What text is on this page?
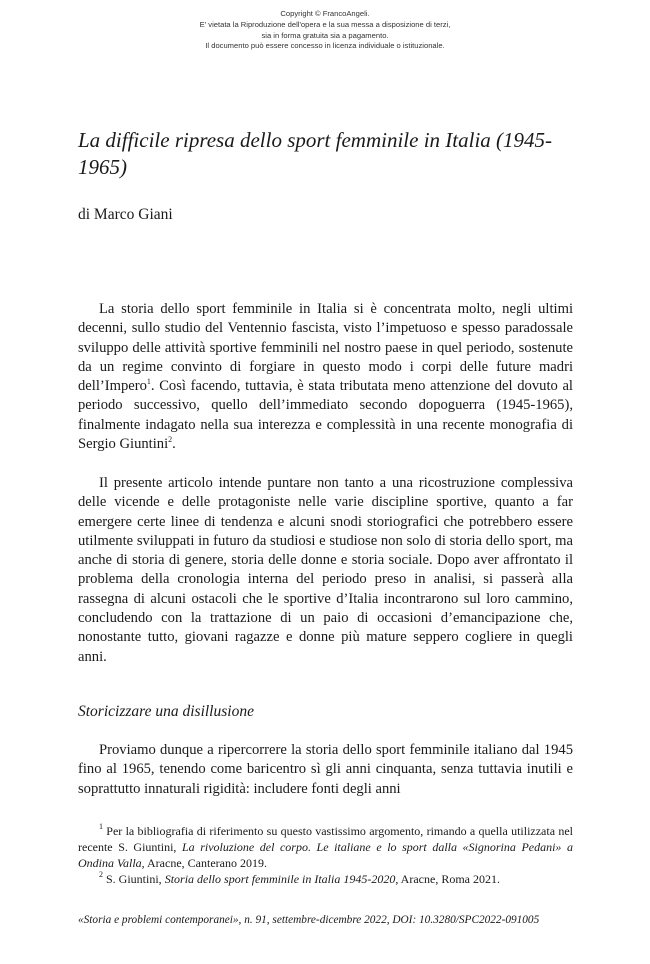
Copyright © FrancoAngeli.
E' vietata la Riproduzione dell'opera e la sua messa a disposizione di terzi,
sia in forma gratuita sia a pagamento.
Il documento può essere concesso in licenza individuale o istituzionale.
La difficile ripresa dello sport femminile in Italia (1945-1965)
di Marco Giani

La storia dello sport femminile in Italia si è concentrata molto, negli ultimi decenni, sullo studio del Ventennio fascista, visto l’impetuoso e spesso paradossale sviluppo delle attività sportive femminili nel nostro paese in quel periodo, sostenute da un regime convinto di forgiare in questo modo i corpi delle future madri dell’Impero$^1$. Così facendo, tuttavia, è stata tributata meno attenzione del dovuto al periodo successivo, quello dell’immediato secondo dopoguerra (1945-1965), finalmente indagato nella sua interezza e complessità in una recente monografia di Sergio Giuntini$^2$.

Il presente articolo intende puntare non tanto a una ricostruzione complessiva delle vicende e delle protagoniste nelle varie discipline sportive, quanto a far emergere certe linee di tendenza e alcuni snodi storiografici che potrebbero essere utilmente sviluppati in futuro da studiosi e studiose non solo di storia dello sport, ma anche di storia di genere, storia delle donne e storia sociale. Dopo aver affrontato il problema della cronologia interna del periodo preso in analisi, si passerà alla rassegna di alcuni ostacoli che le sportive d’Italia incontrarono sul loro cammino, concludendo con la trattazione di un paio di occasioni d’emancipazione che, nonostante tutto, giovani ragazze e donne più mature seppero cogliere in quegli anni.

Storicizzare una disillusione

Proviamo dunque a ripercorrere la storia dello sport femminile italiano dal 1945 fino al 1965, tenendo come baricentro sì gli anni cinquanta, senza tuttavia inutili e soprattutto innaturali rigidità: includere fonti degli anni

$^1$ Per la bibliografia di riferimento su questo vastissimo argomento, rimando a quella utilizzata nel recente S. Giuntini, La rivoluzione del corpo. Le italiane e lo sport dalla «Signorina Pedani» a Ondina Valla, Aracne, Canterano 2019.

$^2$ S. Giuntini, Storia dello sport femminile in Italia 1945-2020, Aracne, Roma 2021.

«Storia e problemi contemporanei», n. 91, settembre-dicembre 2022, DOI: 10.3280/SPC2022-091005
